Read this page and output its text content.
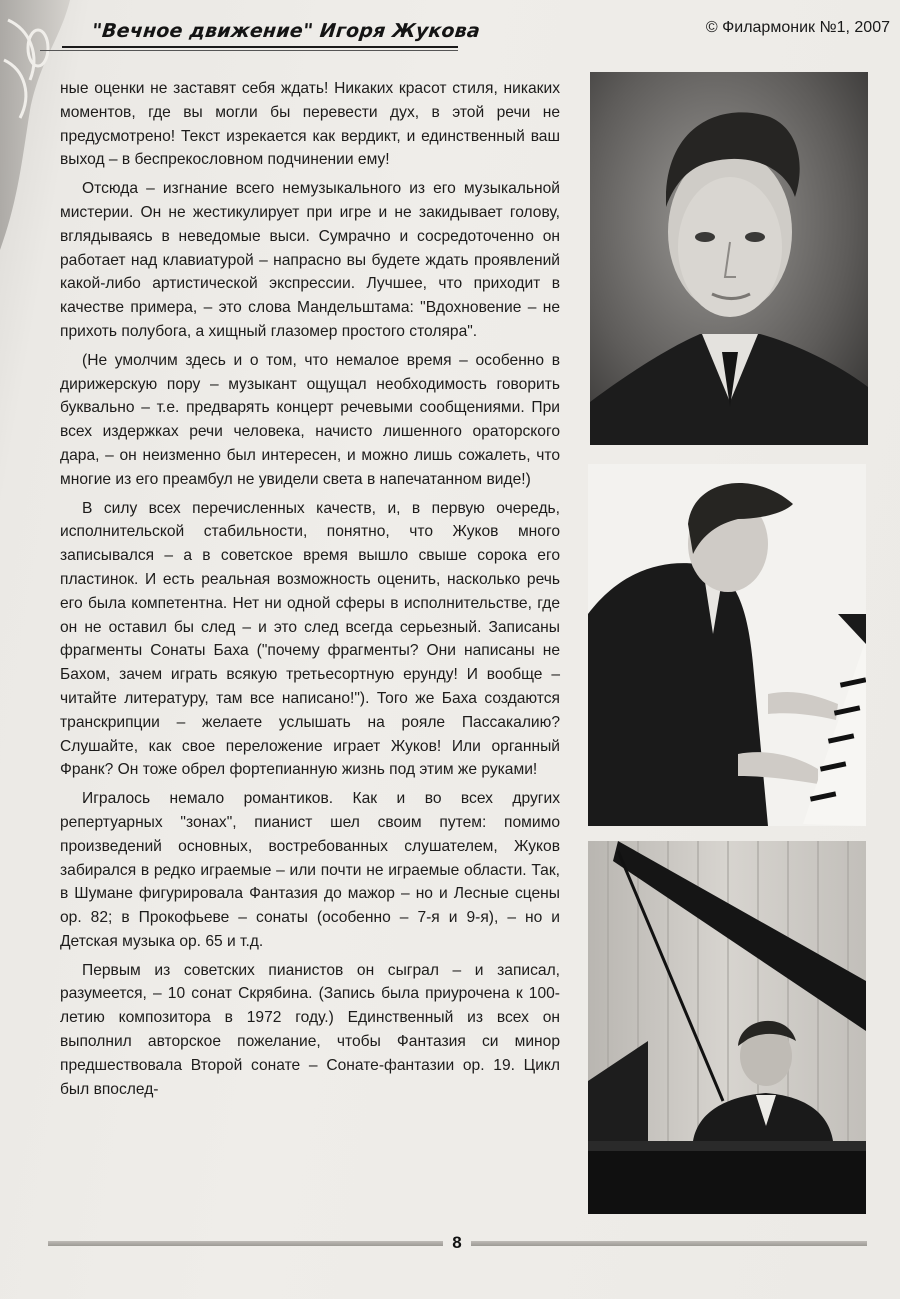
"Вечное движение" Игоря Жукова	© Филармоник №1, 2007

ные оценки не заставят себя ждать! Никаких красот стиля, никаких моментов, где вы могли бы перевести дух, в этой речи не предусмотрено! Текст изрекается как вердикт, и единственный ваш выход – в беспрекословном подчинении ему!

Отсюда – изгнание всего немузыкального из его музыкальной мистерии. Он не жестикулирует при игре и не закидывает голову, вглядываясь в неведомые выси. Сумрачно и сосредоточенно он работает над клавиатурой – напрасно вы будете ждать проявлений какой-либо артистической экспрессии. Лучшее, что приходит в качестве примера, – это слова Мандельштама: "Вдохновение – не прихоть полубога, а хищный глазомер простого столяра".

(Не умолчим здесь и о том, что немалое время – особенно в дирижерскую пору – музыкант ощущал необходимость говорить буквально – т.е. предварять концерт речевыми сообщениями. При всех издержках речи человека, начисто лишенного ораторского дара, – он неизменно был интересен, и можно лишь сожалеть, что многие из его преамбул не увидели света в напечатанном виде!)

В силу всех перечисленных качеств, и, в первую очередь, исполнительской стабильности, понятно, что Жуков много записывался – а в советское время вышло свыше сорока его пластинок. И есть реальная возможность оценить, насколько речь его была компетентна. Нет ни одной сферы в исполнительстве, где он не оставил бы след – и это след всегда серьезный. Записаны фрагменты Сонаты Баха ("почему фрагменты? Они написаны не Бахом, зачем играть всякую третьесортную ерунду! И вообще – читайте литературу, там все написано!"). Того же Баха создаются транскрипции – желаете услышать на рояле Пассакалию? Слушайте, как свое переложение играет Жуков! Или органный Франк? Он тоже обрел фортепианную жизнь под этим же руками!

Игралось немало романтиков. Как и во всех других репертуарных "зонах", пианист шел своим путем: помимо произведений основных, востребованных слушателем, Жуков забирался в редко играемые – или почти не играемые области. Так, в Шумане фигурировала Фантазия до мажор – но и Лесные сцены ор. 82; в Прокофьеве – сонаты (особенно – 7-я и 9-я), – но и Детская музыка ор. 65 и т.д.

Первым из советских пианистов он сыграл – и записал, разумеется, – 10 сонат Скрябина. (Запись была приурочена к 100-летию композитора в 1972 году.) Единственный из всех он выполнил авторское пожелание, чтобы Фантазия си минор предшествовала Второй сонате – Сонате-фантазии ор. 19. Цикл был впослед-

8
